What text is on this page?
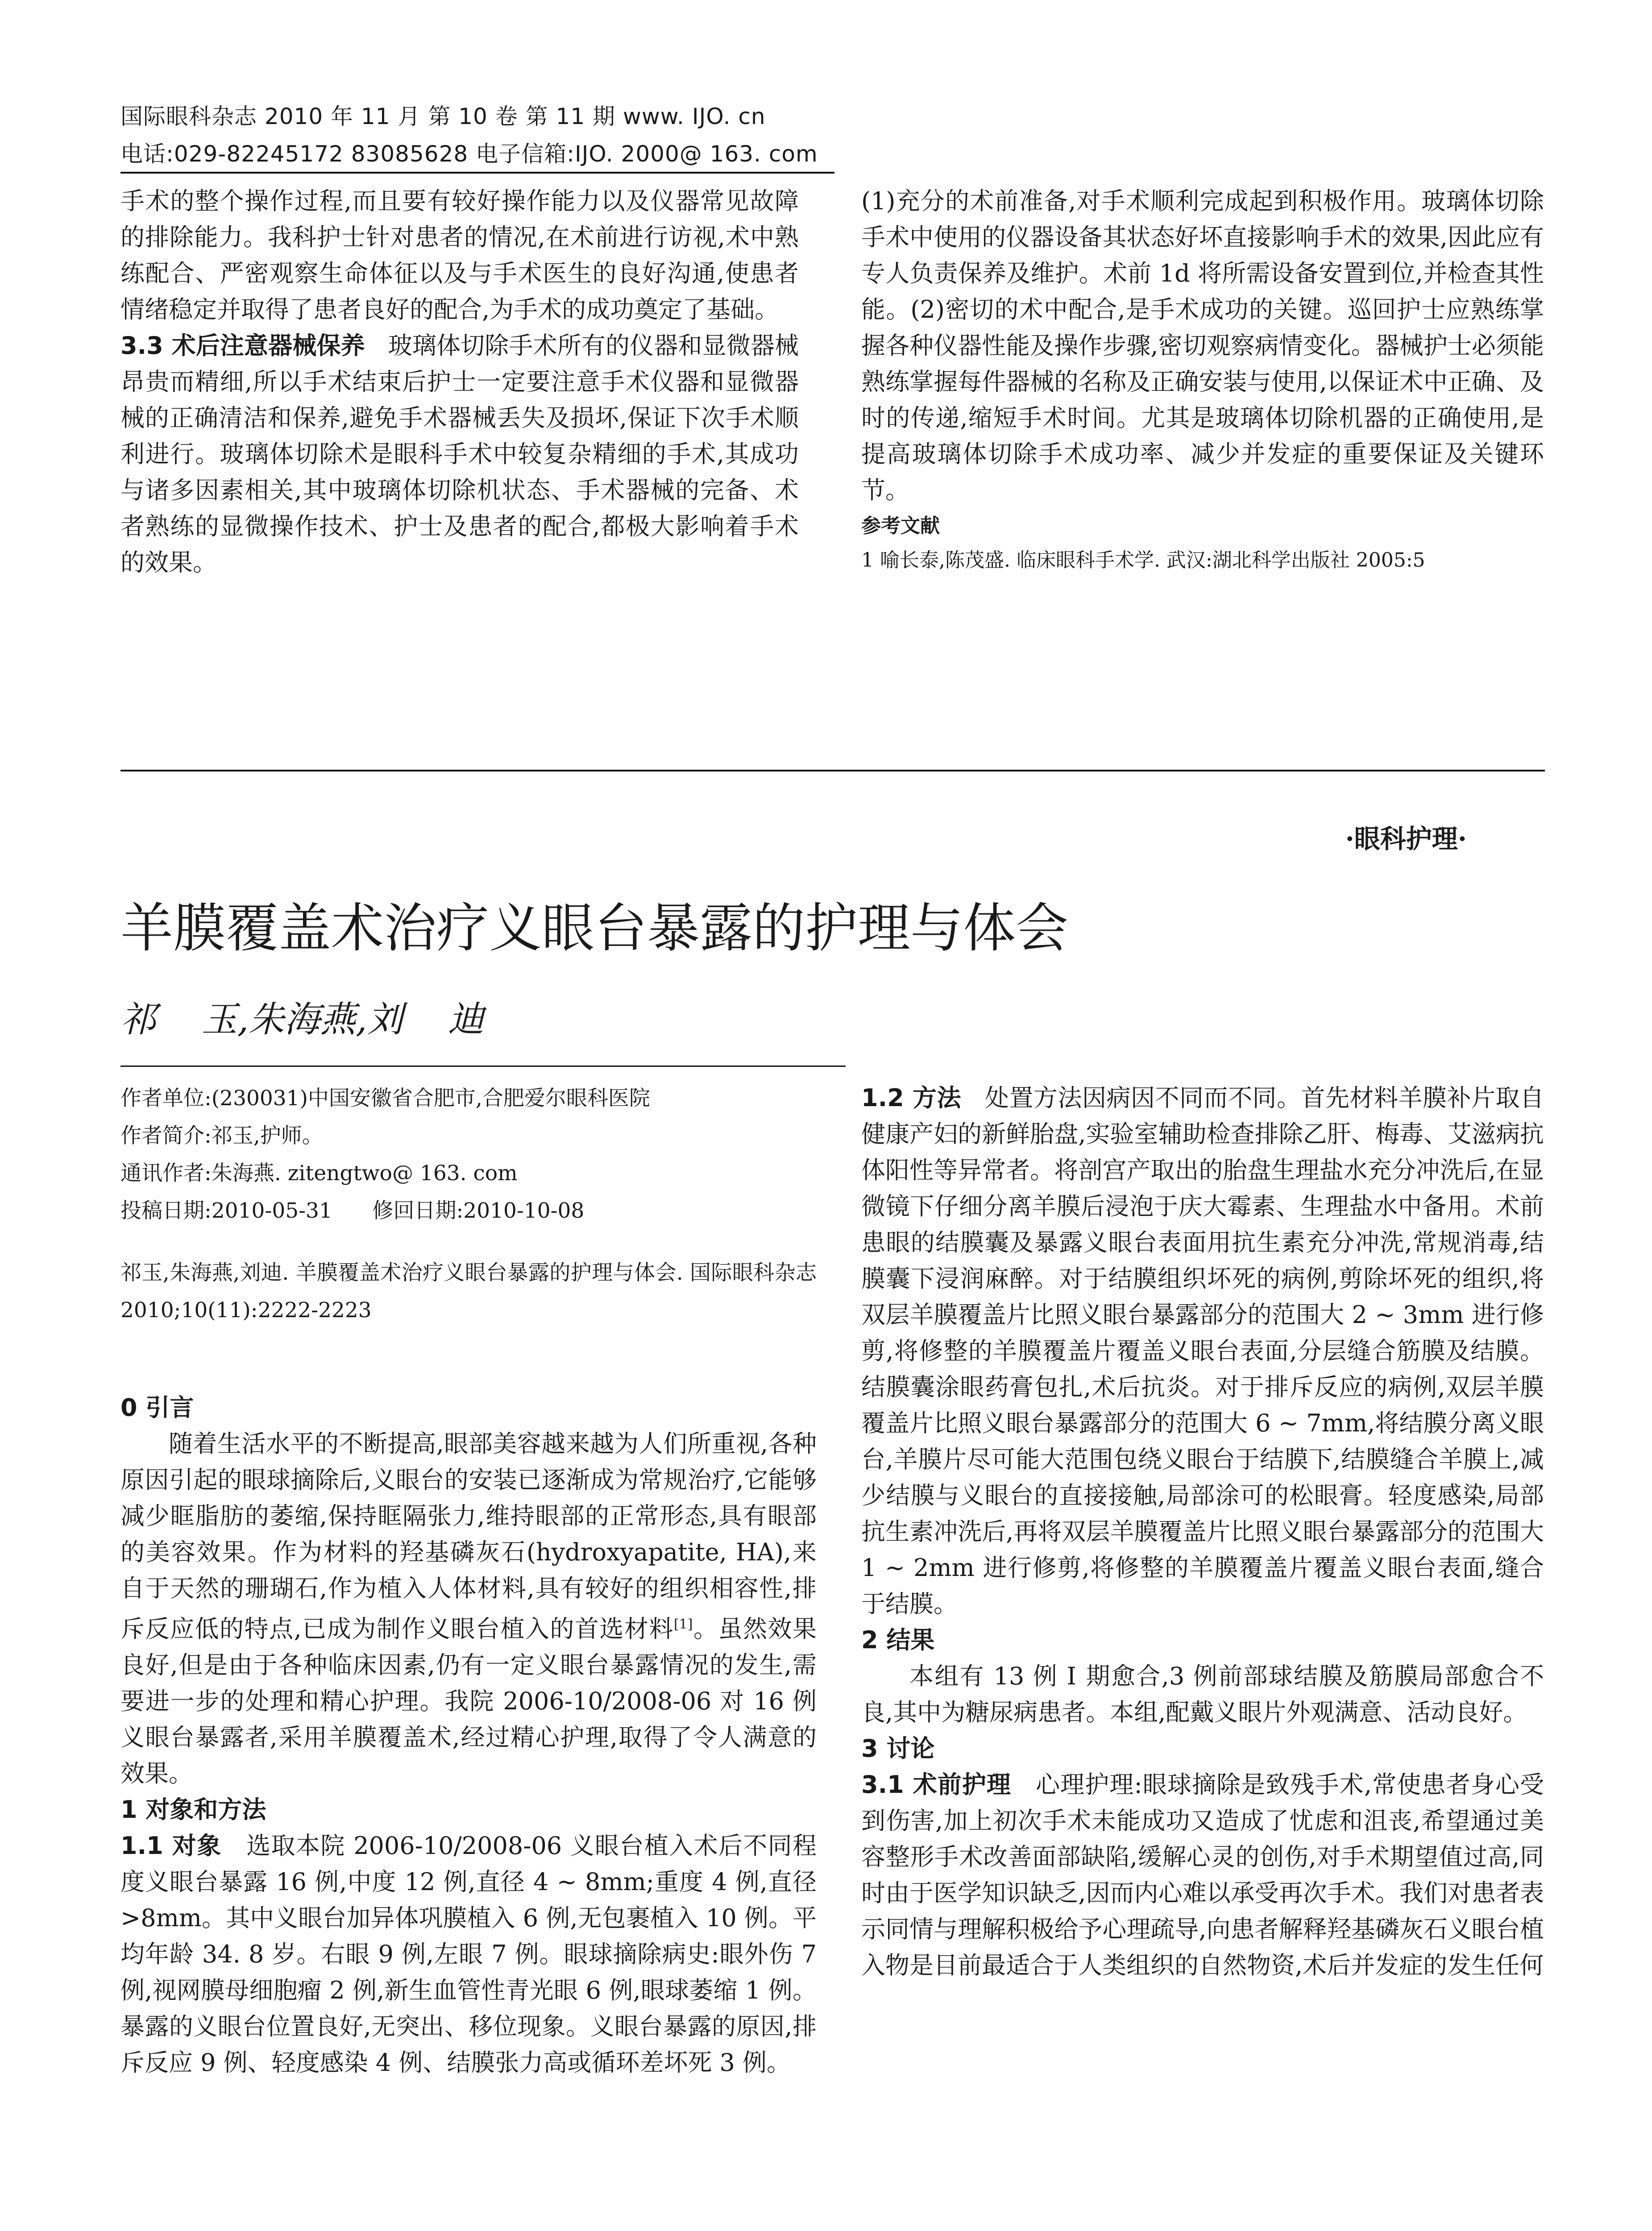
国际眼科杂志 2010 年 11 月 第 10 卷 第 11 期 www. IJO. cn
电话:029-82245172 83085628 电子信箱:IJO. 2000@ 163. com

手术的整个操作过程,而且要有较好操作能力以及仪器常见故障的排除能力。我科护士针对患者的情况,在术前进行访视,术中熟练配合、严密观察生命体征以及与手术医生的良好沟通,使患者情绪稳定并取得了患者良好的配合,为手术的成功奠定了基础。

3.3 术后注意器械保养 玻璃体切除手术所有的仪器和显微器械昂贵而精细,所以手术结束后护士一定要注意手术仪器和显微器械的正确清洁和保养,避免手术器械丢失及损坏,保证下次手术顺利进行。玻璃体切除术是眼科手术中较复杂精细的手术,其成功与诸多因素相关,其中玻璃体切除机状态、手术器械的完备、术者熟练的显微操作技术、护士及患者的配合,都极大影响着手术的效果。

(1)充分的术前准备,对手术顺利完成起到积极作用。玻璃体切除手术中使用的仪器设备其状态好坏直接影响手术的效果,因此应有专人负责保养及维护。术前 1d 将所需设备安置到位,并检查其性能。(2)密切的术中配合,是手术成功的关键。巡回护士应熟练掌握各种仪器性能及操作步骤,密切观察病情变化。器械护士必须能熟练掌握每件器械的名称及正确安装与使用,以保证术中正确、及时的传递,缩短手术时间。尤其是玻璃体切除机器的正确使用,是提高玻璃体切除手术成功率、减少并发症的重要保证及关键环节。

参考文献
1 喻长泰,陈茂盛. 临床眼科手术学. 武汉:湖北科学出版社 2005:5
·眼科护理·
羊膜覆盖术治疗义眼台暴露的护理与体会
祁    玉,朱海燕,刘    迪
作者单位:(230031)中国安徽省合肥市,合肥爱尔眼科医院
作者简介:祁玉,护师。
通讯作者:朱海燕. zitengtwo@ 163. com
投稿日期:2010-05-31      修回日期:2010-10-08
祁玉,朱海燕,刘迪. 羊膜覆盖术治疗义眼台暴露的护理与体会. 国际眼科杂志 2010;10(11):2222-2223
0 引言

随着生活水平的不断提高,眼部美容越来越为人们所重视,各种原因引起的眼球摘除后,义眼台的安装已逐渐成为常规治疗,它能够减少眶脂肪的萎缩,保持眶隔张力,维持眼部的正常形态,具有眼部的美容效果。作为材料的羟基磷灰石(hydroxyapatite, HA),来自于天然的珊瑚石,作为植入人体材料,具有较好的组织相容性,排斥反应低的特点,已成为制作义眼台植入的首选材料[1]。虽然效果良好,但是由于各种临床因素,仍有一定义眼台暴露情况的发生,需要进一步的处理和精心护理。我院 2006-10/2008-06 对 16 例义眼台暴露者,采用羊膜覆盖术,经过精心护理,取得了令人满意的效果。

1 对象和方法

1.1 对象 选取本院 2006-10/2008-06 义眼台植入术后不同程度义眼台暴露 16 例,中度 12 例,直径 4 ~ 8mm;重度 4 例,直径 >8mm。其中义眼台加异体巩膜植入 6 例,无包裹植入 10 例。平均年龄 34. 8 岁。右眼 9 例,左眼 7 例。眼球摘除病史:眼外伤 7 例,视网膜母细胞瘤 2 例,新生血管性青光眼 6 例,眼球萎缩 1 例。暴露的义眼台位置良好,无突出、移位现象。义眼台暴露的原因,排斥反应 9 例、轻度感染 4 例、结膜张力高或循环差坏死 3 例。

1.2 方法 处置方法因病因不同而不同。首先材料羊膜补片取自健康产妇的新鲜胎盘,实验室辅助检查排除乙肝、梅毒、艾滋病抗体阳性等异常者。将剖宫产取出的胎盘生理盐水充分冲洗后,在显微镜下仔细分离羊膜后浸泡于庆大霉素、生理盐水中备用。术前患眼的结膜囊及暴露义眼台表面用抗生素充分冲洗,常规消毒,结膜囊下浸润麻醉。对于结膜组织坏死的病例,剪除坏死的组织,将双层羊膜覆盖片比照义眼台暴露部分的范围大 2 ~ 3mm 进行修剪,将修整的羊膜覆盖片覆盖义眼台表面,分层缝合筋膜及结膜。结膜囊涂眼药膏包扎,术后抗炎。对于排斥反应的病例,双层羊膜覆盖片比照义眼台暴露部分的范围大 6 ~ 7mm,将结膜分离义眼台,羊膜片尽可能大范围包绕义眼台于结膜下,结膜缝合羊膜上,减少结膜与义眼台的直接接触,局部涂可的松眼膏。轻度感染,局部抗生素冲洗后,再将双层羊膜覆盖片比照义眼台暴露部分的范围大 1 ~ 2mm 进行修剪,将修整的羊膜覆盖片覆盖义眼台表面,缝合于结膜。

2 结果

本组有 13 例 Ⅰ 期愈合,3 例前部球结膜及筋膜局部愈合不良,其中为糖尿病患者。本组,配戴义眼片外观满意、活动良好。

3 讨论

3.1 术前护理 心理护理:眼球摘除是致残手术,常使患者身心受到伤害,加上初次手术未能成功又造成了忧虑和沮丧,希望通过美容整形手术改善面部缺陷,缓解心灵的创伤,对手术期望值过高,同时由于医学知识缺乏,因而内心难以承受再次手术。我们对患者表示同情与理解积极给予心理疏导,向患者解释羟基磷灰石义眼台植入物是目前最适合于人类组织的自然物资,术后并发症的发生任何
